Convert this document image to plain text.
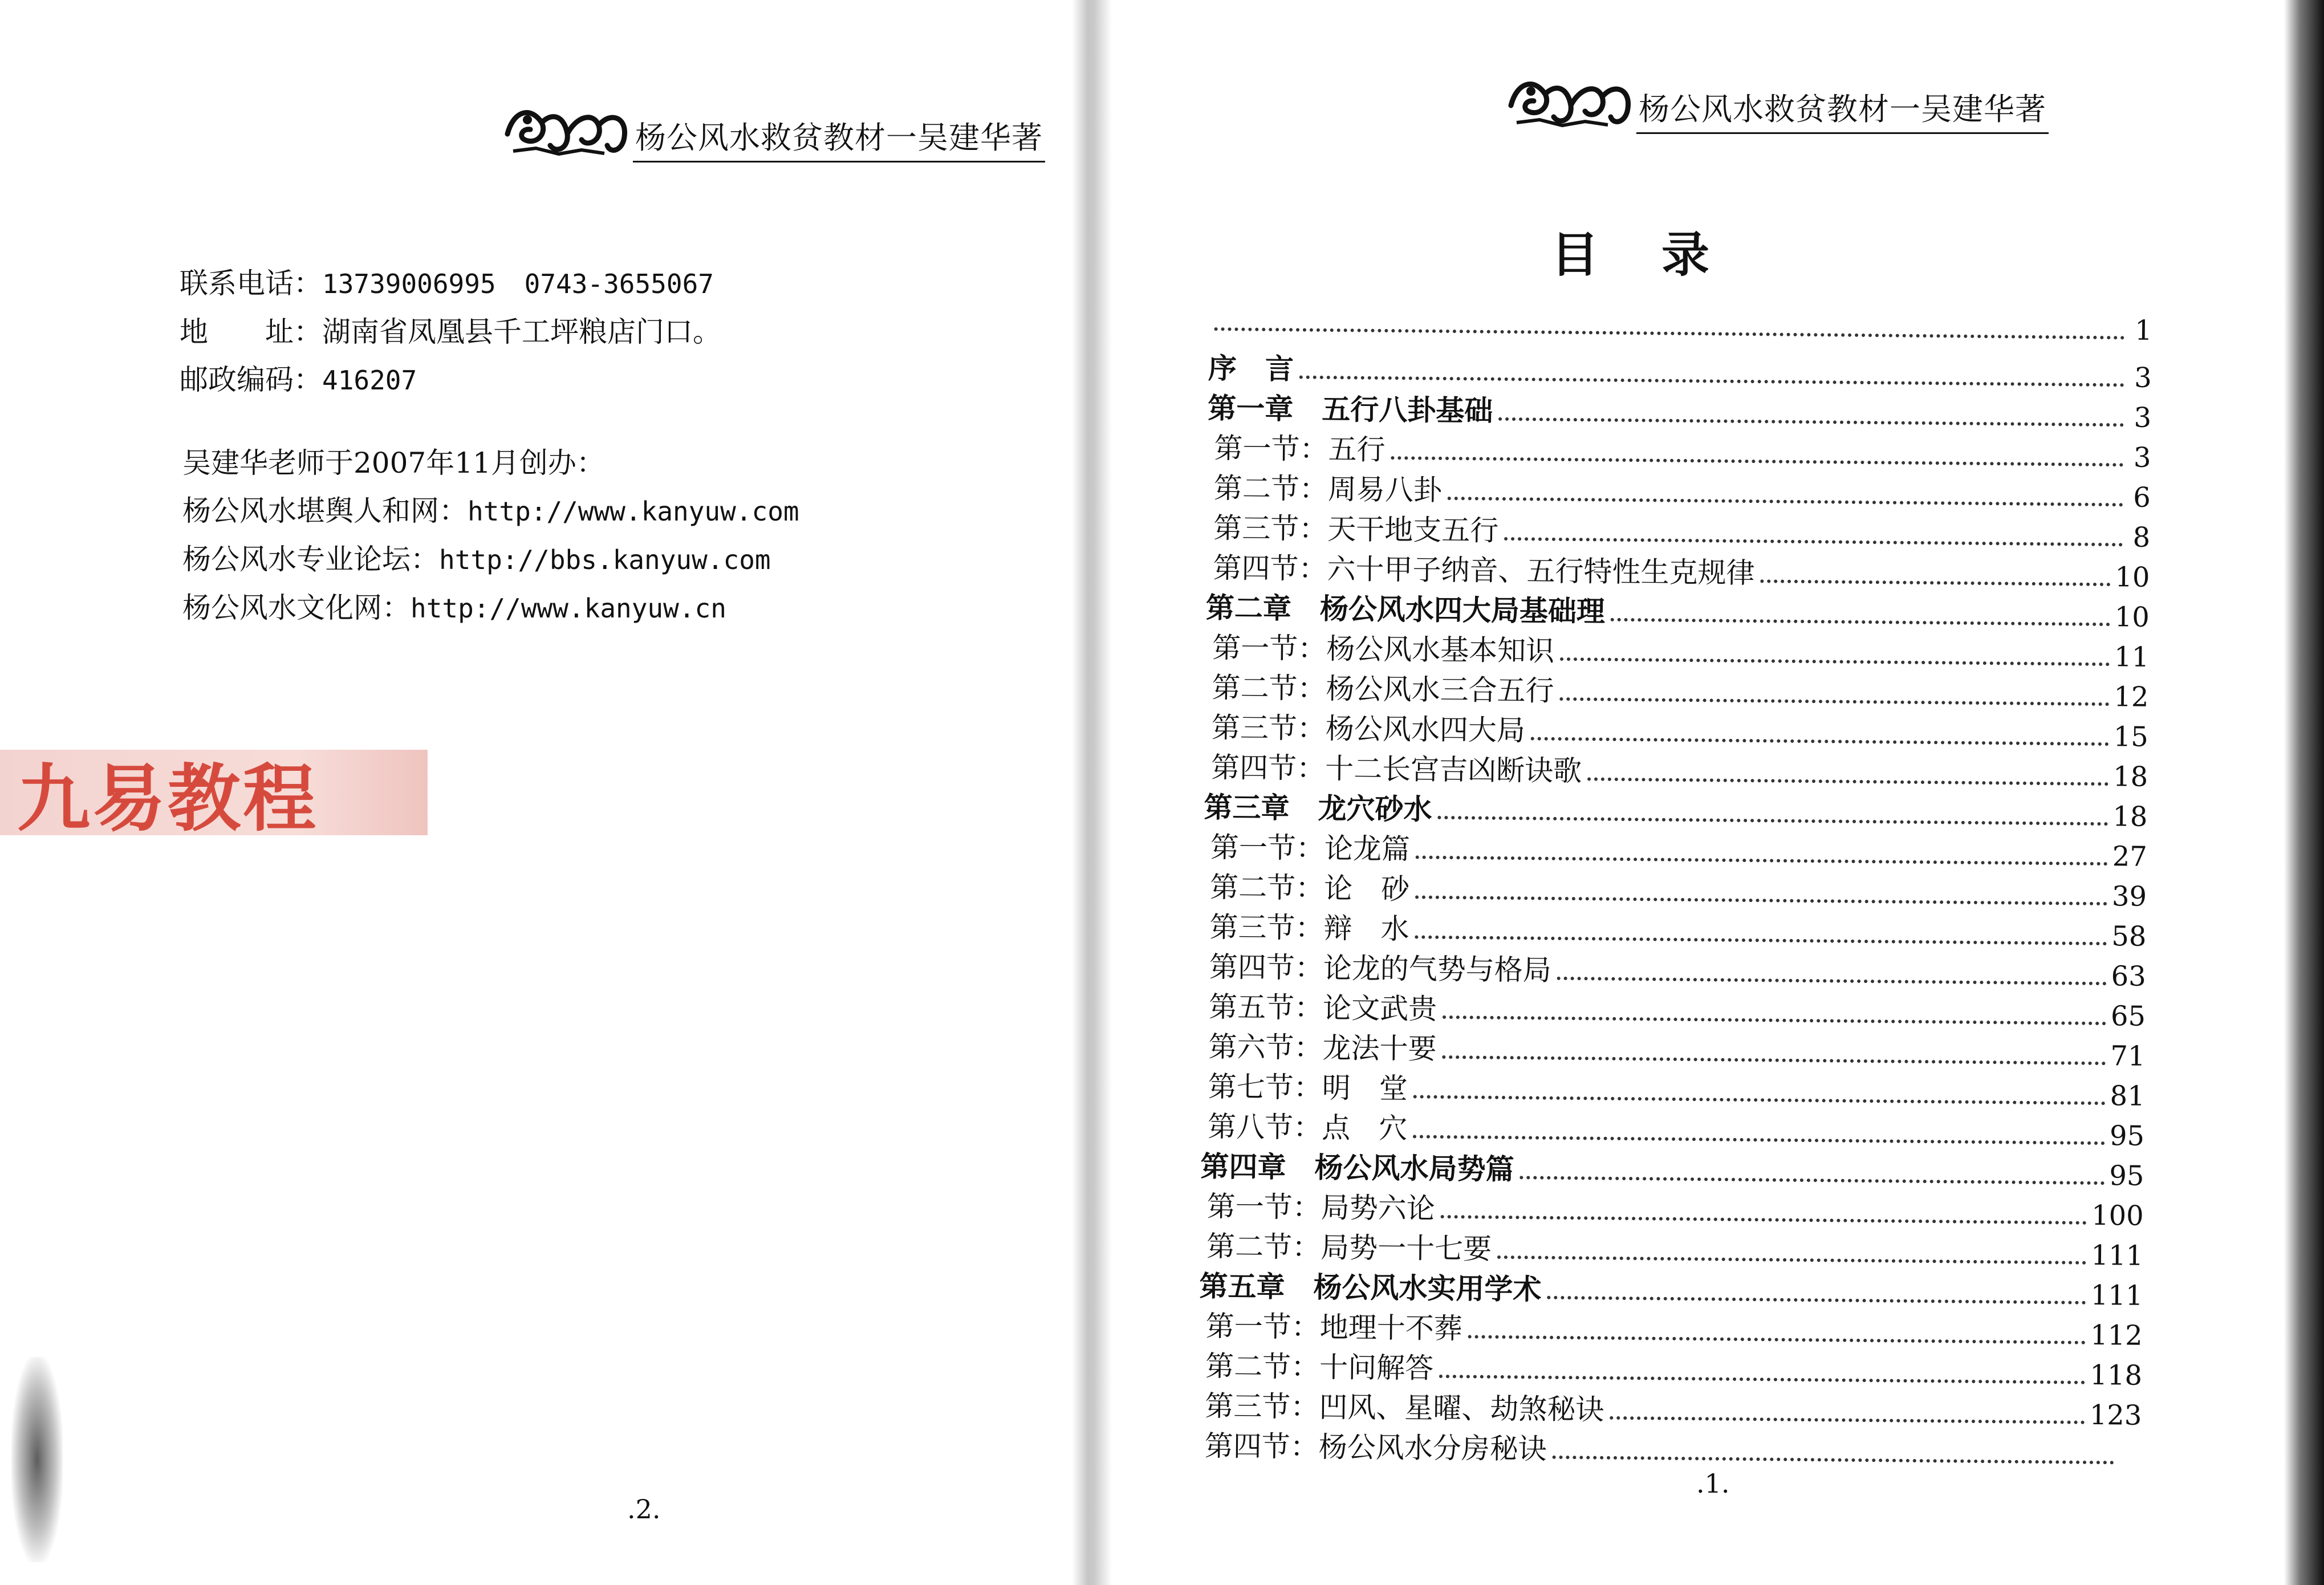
杨公风水救贫教材一吴建华著
联系电话：13739006995 0743-3655067
地　　址：湖南省凤凰县千工坪粮店门口。
邮政编码：416207
吴建华老师于2007年11月创办：
杨公风水堪舆人和网：http://www.kanyuw.com
杨公风水专业论坛：http://bbs.kanyuw.com
杨公风水文化网：http://www.kanyuw.cn
九易教程
.2.
杨公风水救贫教材一吴建华著
目录
1
序　言	3
第一章　五行八卦基础	3
第一节：五行	3
第二节：周易八卦	6
第三节：天干地支五行	8
第四节：六十甲子纳音、五行特性生克规律	10
第二章　杨公风水四大局基础理	10
第一节：杨公风水基本知识	11
第二节：杨公风水三合五行	12
第三节：杨公风水四大局	15
第四节：十二长宫吉凶断诀歌	18
第三章　龙穴砂水	18
第一节：论龙篇	27
第二节：论　砂	39
第三节：辩　水	58
第四节：论龙的气势与格局	63
第五节：论文武贵	65
第六节：龙法十要	71
第七节：明　堂	81
第八节：点　穴	95
第四章　杨公风水局势篇	95
第一节：局势六论	100
第二节：局势一十七要	111
第五章　杨公风水实用学术	111
第一节：地理十不葬	112
第二节：十问解答	118
第三节：凹风、星曜、劫煞秘诀	123
第四节：杨公风水分房秘诀
.1.
